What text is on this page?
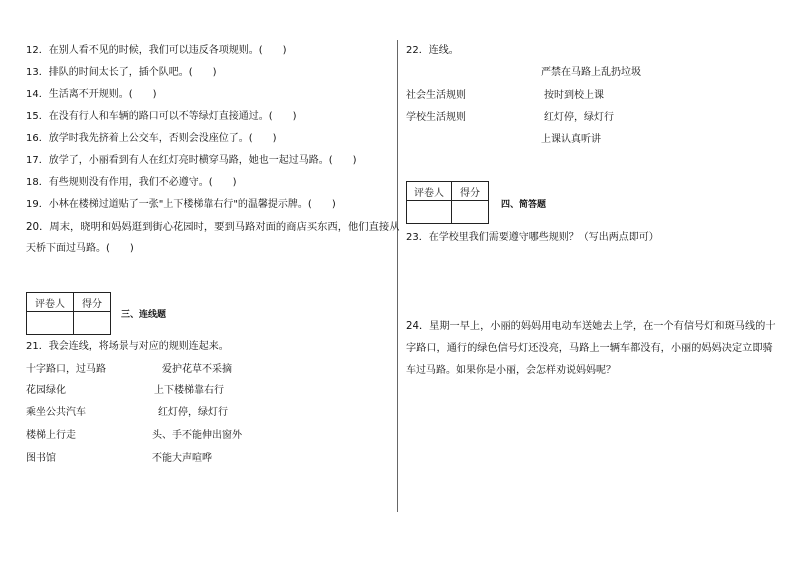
12．在别人看不见的时候，我们可以违反各项规则。(　　)
13．排队的时间太长了，插个队吧。(　　)
14．生活离不开规则。(　　)
15．在没有行人和车辆的路口可以不等绿灯直接通过。(　　)
16．放学时我先挤着上公交车，否则会没座位了。(　　)
17．放学了，小丽看到有人在红灯亮时横穿马路，她也一起过马路。(　　)
18．有些规则没有作用，我们不必遵守。(　　)
19．小林在楼梯过道贴了一张"上下楼梯靠右行"的温馨提示牌。(　　)
20．周末，晓明和妈妈逛到街心花园时，要到马路对面的商店买东西，他们直接从
天桥下面过马路。(　　)
评卷人	得分

三、连线题
21．我会连线，将场景与对应的规则连起来。
十字路口，过马路
花园绿化
乘坐公共汽车
楼梯上行走
图书馆
爱护花草不采摘
上下楼梯靠右行
红灯停，绿灯行
头、手不能伸出窗外
不能大声喧哗
22．连线。
严禁在马路上乱扔垃圾
社会生活规则	按时到校上课
学校生活规则	红灯停，绿灯行
上课认真听讲
评卷人	得分

四、简答题
23．在学校里我们需要遵守哪些规则？（写出两点即可）
24．星期一早上，小丽的妈妈用电动车送她去上学，在一个有信号灯和斑马线的十
字路口，通行的绿色信号灯还没亮，马路上一辆车都没有，小丽的妈妈决定立即骑
车过马路。如果你是小丽，会怎样劝说妈妈呢？
